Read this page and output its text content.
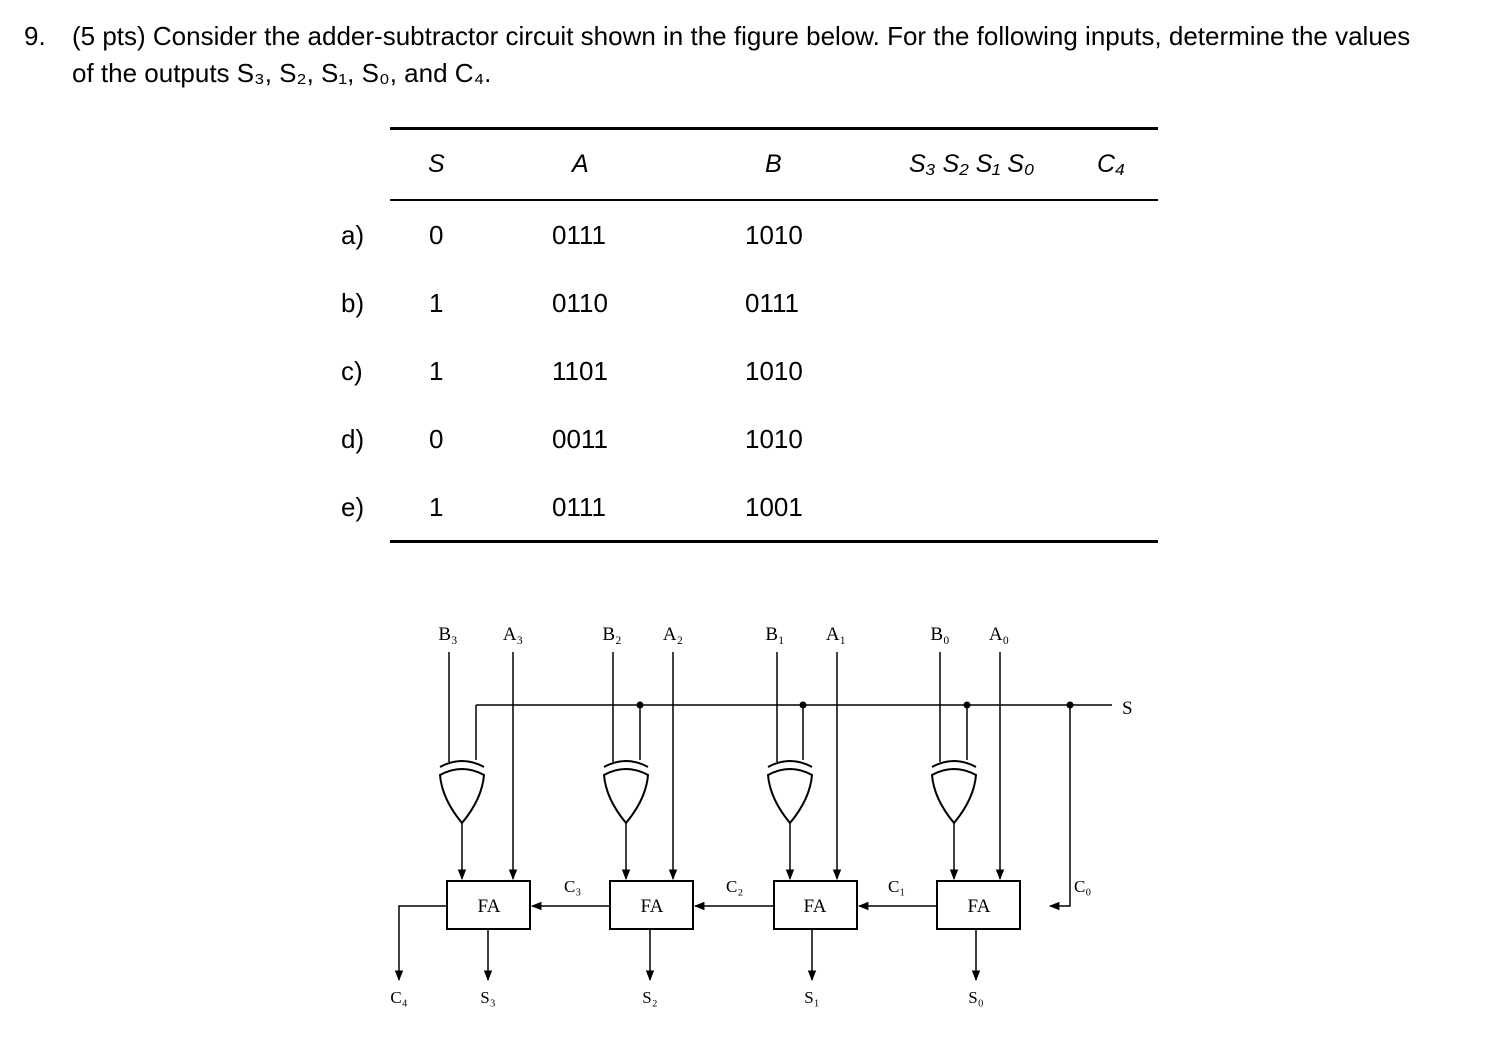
9. (5 pts) Consider the adder-subtractor circuit shown in the figure below. For the following inputs, determine the values
of the outputs S₃, S₂, S₁, S₀, and C₄.
S	A	B	S₃ S₂ S₁ S₀	C₄
a) 0	0111	1010
b) 1	0110	0111
c)	1	1101	1010
d) 0	0011	1010
e) 1	0111	1001
B₃ A₃	B₂ A₂	B₁ A₁	B₀ A₀
S
FA	FA	FA	FA
C₃	C₂	C₁	C₀
C₄	S₃	S₂	S₁	S₀
